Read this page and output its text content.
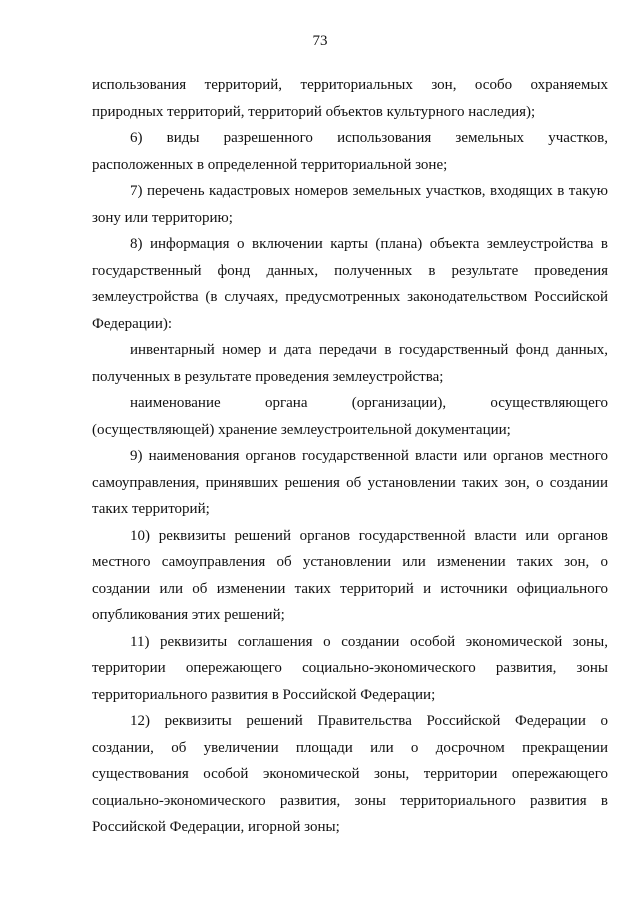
73

использования территорий, территориальных зон, особо охраняемых природных территорий, территорий объектов культурного наследия);

6) виды разрешенного использования земельных участков, расположенных в определенной территориальной зоне;

7) перечень кадастровых номеров земельных участков, входящих в такую зону или территорию;

8) информация о включении карты (плана) объекта землеустройства в государственный фонд данных, полученных в результате проведения землеустройства (в случаях, предусмотренных законодательством Российской Федерации):

инвентарный номер и дата передачи в государственный фонд данных, полученных в результате проведения землеустройства;

наименование органа (организации), осуществляющего (осуществляющей) хранение землеустроительной документации;

9) наименования органов государственной власти или органов местного самоуправления, принявших решения об установлении таких зон, о создании таких территорий;

10) реквизиты решений органов государственной власти или органов местного самоуправления об установлении или изменении таких зон, о создании или об изменении таких территорий и источники официального опубликования этих решений;

11) реквизиты соглашения о создании особой экономической зоны, территории опережающего социально-экономического развития, зоны территориального развития в Российской Федерации;

12) реквизиты решений Правительства Российской Федерации о создании, об увеличении площади или о досрочном прекращении существования особой экономической зоны, территории опережающего социально-экономического развития, зоны территориального развития в Российской Федерации, игорной зоны;
